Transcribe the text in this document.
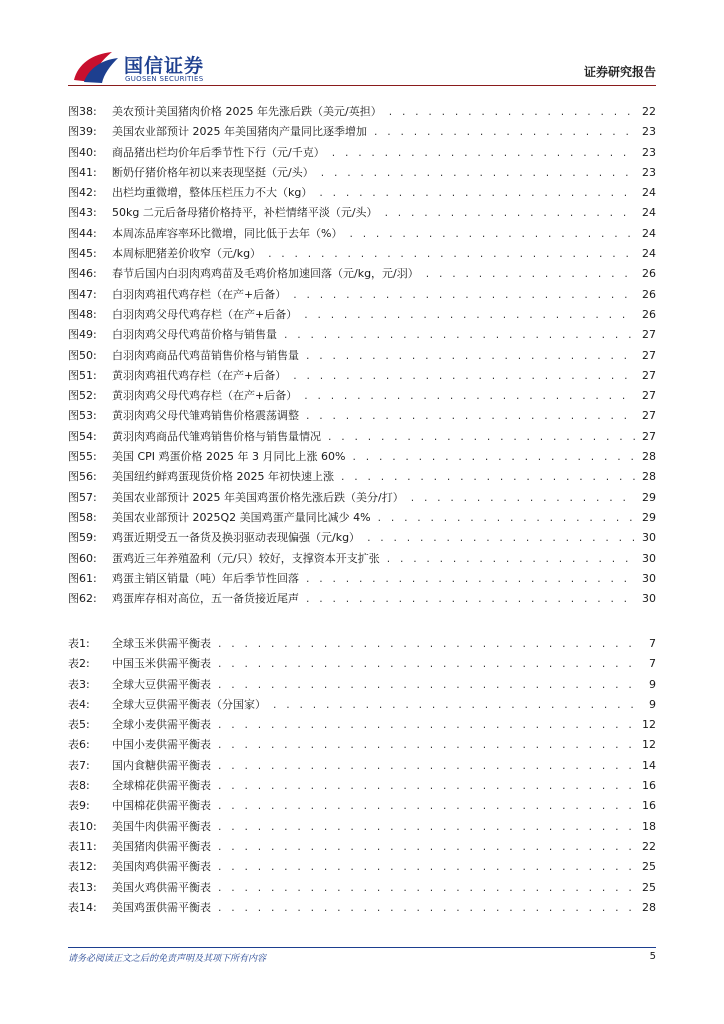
国信证券
GUOSEN SECURITIES	证券研究报告
图38:	美农预计美国猪肉价格 2025 年先涨后跌（美元/英担） . . .	22
图39:	美国农业部预计 2025 年美国猪肉产量同比逐季增加 . . .	23
图40:	商品猪出栏均价年后季节性下行（元/千克） . . .	23
图41:	断奶仔猪价格年初以来表现坚挺（元/头） . . .	23
图42:	出栏均重微增，整体压栏压力不大（kg） . . .	24
图43:	50kg 二元后备母猪价格持平，补栏情绪平淡（元/头） . . .	24
图44:	本周冻品库容率环比微增，同比低于去年（%） . . .	24
图45:	本周标肥猪差价收窄（元/kg） . . .	24
图46:	春节后国内白羽肉鸡鸡苗及毛鸡价格加速回落（元/kg，元/羽） . . .	26
图47:	白羽肉鸡祖代鸡存栏（在产+后备） . . .	26
图48:	白羽肉鸡父母代鸡存栏（在产+后备） . . .	26
图49:	白羽肉鸡父母代鸡苗价格与销售量 . . .	27
图50:	白羽肉鸡商品代鸡苗销售价格与销售量 . . .	27
图51:	黄羽肉鸡祖代鸡存栏（在产+后备） . . .	27
图52:	黄羽肉鸡父母代鸡存栏（在产+后备） . . .	27
图53:	黄羽肉鸡父母代雏鸡销售价格震荡调整 . . .	27
图54:	黄羽肉鸡商品代雏鸡销售价格与销售量情况 . . .	27
图55:	美国 CPI 鸡蛋价格 2025 年 3 月同比上涨 60% . . .	28
图56:	美国纽约鲜鸡蛋现货价格 2025 年初快速上涨 . . .	28
图57:	美国农业部预计 2025 年美国鸡蛋价格先涨后跌（美分/打） . . .	29
图58:	美国农业部预计 2025Q2 美国鸡蛋产量同比减少 4% . . .	29
图59:	鸡蛋近期受五一备货及换羽驱动表现偏强（元/kg） . . .	30
图60:	蛋鸡近三年养殖盈利（元/只）较好，支撑资本开支扩张 . . .	30
图61:	鸡蛋主销区销量（吨）年后季节性回落 . . .	30
图62:	鸡蛋库存相对高位，五一备货接近尾声 . . .	30
表1:	全球玉米供需平衡表 . . .	7
表2:	中国玉米供需平衡表 . . .	7
表3:	全球大豆供需平衡表 . . .	9
表4:	全球大豆供需平衡表（分国家） . . .	9
表5:	全球小麦供需平衡表 . . .	12
表6:	中国小麦供需平衡表 . . .	12
表7:	国内食糖供需平衡表 . . .	14
表8:	全球棉花供需平衡表 . . .	16
表9:	中国棉花供需平衡表 . . .	16
表10:	美国牛肉供需平衡表 . . .	18
表11:	美国猪肉供需平衡表 . . .	22
表12:	美国肉鸡供需平衡表 . . .	25
表13:	美国火鸡供需平衡表 . . .	25
表14:	美国鸡蛋供需平衡表 . . .	28
请务必阅读正文之后的免责声明及其项下所有内容	5
